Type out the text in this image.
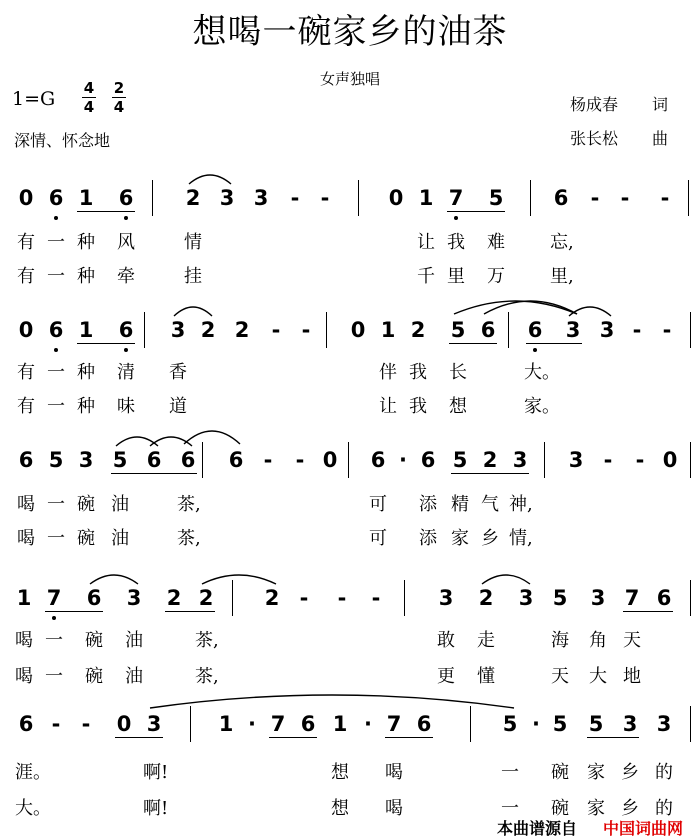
想喝一碗家乡的油茶
女声独唱
1=G 4
4
2
4
深情、怀念地
杨成春 词
张长松 曲
0 6 1 6 2 3 3 - -	0 1 7 5 6 - - -
有 一 种 风	情	让 我 难	忘,
有 一 种 牵	挂	千 里 万	里,
0 6 1 6 3 2 2 - - 0 1 2 5 6 6 3 3 - -
有 一 种 清 香	伴 我 长	大。
有 一 种 味 道	让 我 想	家。
6 5 3 5 6 6 6 - - 0 6 · 6 5 2 3 3 - - 0
喝 一 碗 油	茶,	可 添 精 气 神,
喝 一 碗 油	茶,	可 添 家 乡 情,
1 7 6 3 2 2 2 - - -	3 2 3 5 3 7 6
喝 一 碗 油	茶,	敢 走	海 角 天
喝 一 碗 油	茶,	更 懂	天 大 地
6 - - 0 3	1 · 7 6 1 · 7 6	5 · 5 5 3 3
涯。	啊!	想 喝	一 碗 家 乡 的
大。	啊!	想 喝	一 碗 家 乡 的
本曲谱源自 中国词曲网
